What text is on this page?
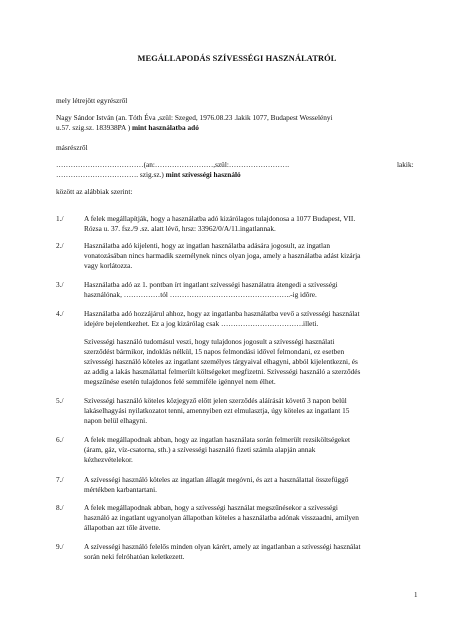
MEGÁLLAPODÁS SZÍVESSÉGI HASZNÁLATRÓL
mely létrejött egyrészről
Nagy Sándor István (an. Tóth Éva ,szül: Szeged, 1976.08.23 .lakik 1077, Budapest Wesselényi
u.57. szig.sz. 183938PA ) mint használatba adó
másrészről
………………………………(an:……………………,szül:…………………….	lakik:
……………………………. szig.sz.) mint szívességi használó
között az alábbiak szerint:
1./	A felek megállapítják, hogy a használatba adó kizárólagos tulajdonosa a 1077 Budapest, VII.
Rózsa u. 37. fsz./9 .sz. alatt lévő, hrsz: 33962/0/A/11.ingatlannak.
2./	Használatba adó kijelenti, hogy az ingatlan használatba adására jogosult, az ingatlan
vonatozásában nincs harmadik személynek nincs olyan joga, amely a használatba adást kizárja
vagy korlátozza.
3./	Használatba adó az 1. pontban írt ingatlant szívességi használatra átengedi a szívességi
használónak, ……………tól …………………………………………..-ig idõre.
4./	Használatba adó hozzájárul ahhoz, hogy az ingatlanba használatba vevő a szívességi használat
idejére bejelentkezhet. Ez a jog kizárólag csak …………………………….illeti.
Szívességi használó tudomásul veszi, hogy tulajdonos jogosult a szívességi használati
szerződést bármikor, indoklás nélkül, 15 napos felmondási idővel felmondani, ez esetben
szívességi használó köteles az ingatlant személyes tárgyaival elhagyni, abból kijelentkezni, és
az addig a lakás használattal felmerült költségeket megfizetni. Szívességi használó a szerződés
megszűnése esetén tulajdonos felé semmiféle igénnyel nem élhet.
5./	Szívességi használó köteles közjegyző előtt jelen szerződés aláírását követő 3 napon belül
lakáselhagyási nyilatkozatot tenni, amennyiben ezt elmulasztja, úgy köteles az ingatlant 15
napon belül elhagyni.
6./	A felek megállapodnak abban, hogy az ingatlan használata során felmerült rezsiköltségeket
(áram, gáz, víz-csatorna, sth.) a szívességi használó fizeti számla alapján annak
kézhezvételekor.
7./	A szívességi használó köteles az ingatlan állagát megóvni, és azt a használattal összefüggő
mértékben karbantartani.
8./	A felek megállapodnak abban, hogy a szívességi használat megszűnésekor a szívességi
használó az ingatlant ugyanolyan állapotban köteles a használatba adónak visszaadni, amilyen
állapotban azt tőle átvette.
9./	A szívességi használó felelős minden olyan kárért, amely az ingatlanban a szívességi használat
során neki felróhatóan keletkezett.
1
